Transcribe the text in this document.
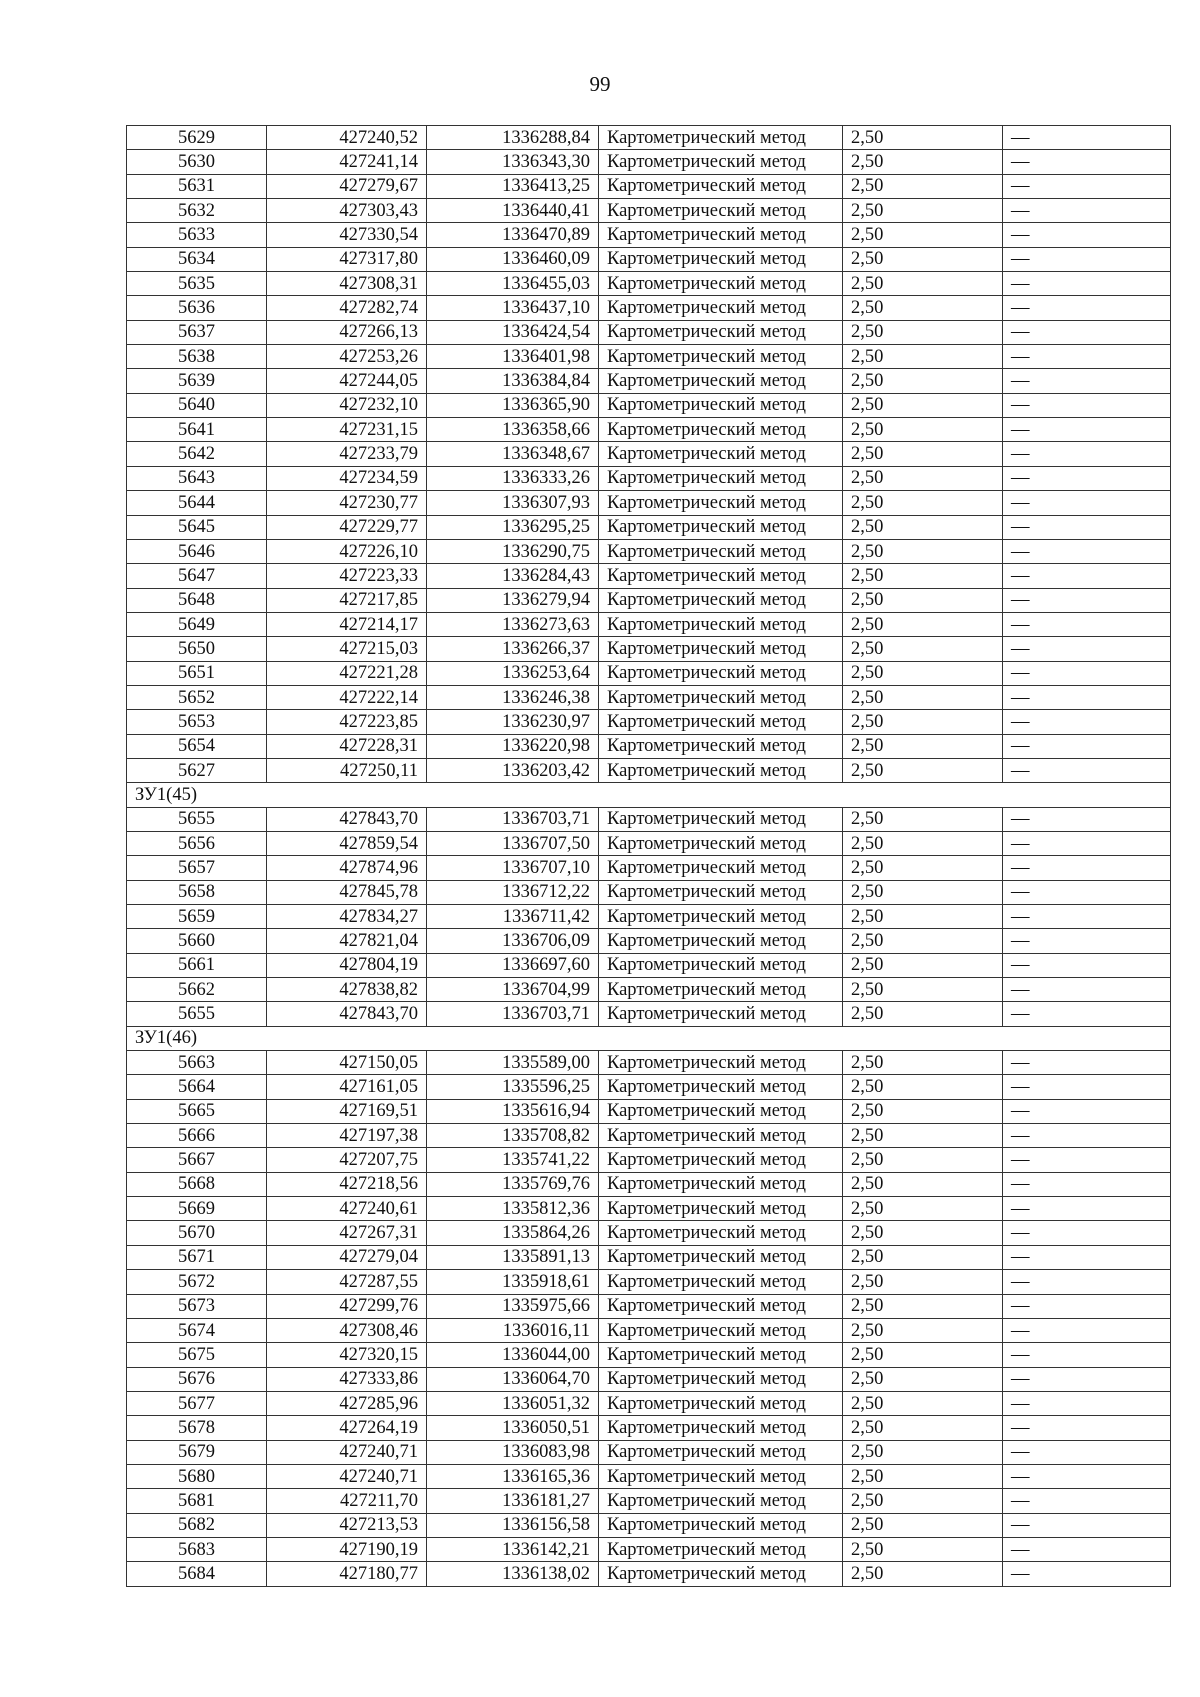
99
5629	427240,52	1336288,84	Картометрический метод	2,50	—
5630	427241,14	1336343,30	Картометрический метод	2,50	—
5631	427279,67	1336413,25	Картометрический метод	2,50	—
5632	427303,43	1336440,41	Картометрический метод	2,50	—
5633	427330,54	1336470,89	Картометрический метод	2,50	—
5634	427317,80	1336460,09	Картометрический метод	2,50	—
5635	427308,31	1336455,03	Картометрический метод	2,50	—
5636	427282,74	1336437,10	Картометрический метод	2,50	—
5637	427266,13	1336424,54	Картометрический метод	2,50	—
5638	427253,26	1336401,98	Картометрический метод	2,50	—
5639	427244,05	1336384,84	Картометрический метод	2,50	—
5640	427232,10	1336365,90	Картометрический метод	2,50	—
5641	427231,15	1336358,66	Картометрический метод	2,50	—
5642	427233,79	1336348,67	Картометрический метод	2,50	—
5643	427234,59	1336333,26	Картометрический метод	2,50	—
5644	427230,77	1336307,93	Картометрический метод	2,50	—
5645	427229,77	1336295,25	Картометрический метод	2,50	—
5646	427226,10	1336290,75	Картометрический метод	2,50	—
5647	427223,33	1336284,43	Картометрический метод	2,50	—
5648	427217,85	1336279,94	Картометрический метод	2,50	—
5649	427214,17	1336273,63	Картометрический метод	2,50	—
5650	427215,03	1336266,37	Картометрический метод	2,50	—
5651	427221,28	1336253,64	Картометрический метод	2,50	—
5652	427222,14	1336246,38	Картометрический метод	2,50	—
5653	427223,85	1336230,97	Картометрический метод	2,50	—
5654	427228,31	1336220,98	Картометрический метод	2,50	—
5627	427250,11	1336203,42	Картометрический метод	2,50	—
ЗУ1(45)					
5655	427843,70	1336703,71	Картометрический метод	2,50	—
5656	427859,54	1336707,50	Картометрический метод	2,50	—
5657	427874,96	1336707,10	Картометрический метод	2,50	—
5658	427845,78	1336712,22	Картометрический метод	2,50	—
5659	427834,27	1336711,42	Картометрический метод	2,50	—
5660	427821,04	1336706,09	Картометрический метод	2,50	—
5661	427804,19	1336697,60	Картометрический метод	2,50	—
5662	427838,82	1336704,99	Картометрический метод	2,50	—
5655	427843,70	1336703,71	Картометрический метод	2,50	—
ЗУ1(46)					
5663	427150,05	1335589,00	Картометрический метод	2,50	—
5664	427161,05	1335596,25	Картометрический метод	2,50	—
5665	427169,51	1335616,94	Картометрический метод	2,50	—
5666	427197,38	1335708,82	Картометрический метод	2,50	—
5667	427207,75	1335741,22	Картометрический метод	2,50	—
5668	427218,56	1335769,76	Картометрический метод	2,50	—
5669	427240,61	1335812,36	Картометрический метод	2,50	—
5670	427267,31	1335864,26	Картометрический метод	2,50	—
5671	427279,04	1335891,13	Картометрический метод	2,50	—
5672	427287,55	1335918,61	Картометрический метод	2,50	—
5673	427299,76	1335975,66	Картометрический метод	2,50	—
5674	427308,46	1336016,11	Картометрический метод	2,50	—
5675	427320,15	1336044,00	Картометрический метод	2,50	—
5676	427333,86	1336064,70	Картометрический метод	2,50	—
5677	427285,96	1336051,32	Картометрический метод	2,50	—
5678	427264,19	1336050,51	Картометрический метод	2,50	—
5679	427240,71	1336083,98	Картометрический метод	2,50	—
5680	427240,71	1336165,36	Картометрический метод	2,50	—
5681	427211,70	1336181,27	Картометрический метод	2,50	—
5682	427213,53	1336156,58	Картометрический метод	2,50	—
5683	427190,19	1336142,21	Картометрический метод	2,50	—
5684	427180,77	1336138,02	Картометрический метод	2,50	—
